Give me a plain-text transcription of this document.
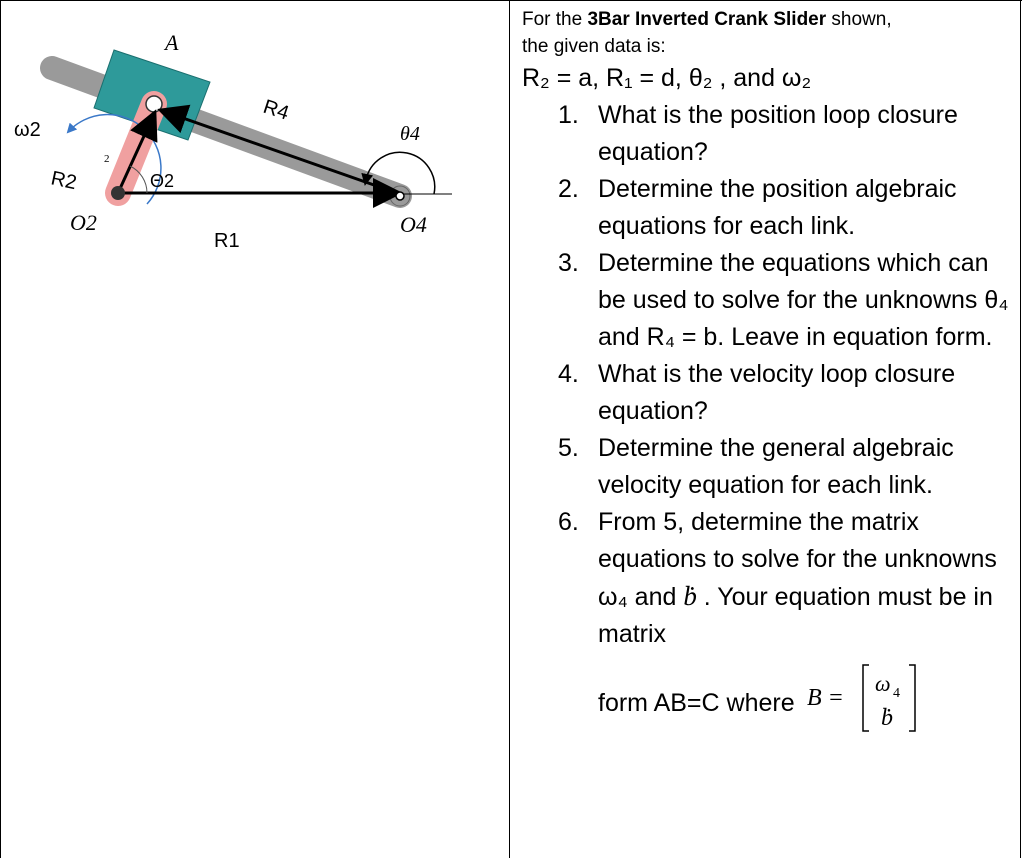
A
R4
θ4
ω2
R2	Θ2
2
O2
R1
O4

For the 3Bar Inverted Crank Slider shown,

the given data is:

R₂ = a, R₁ = d, θ₂ , and ω₂

1. What is the position loop closure equation?
2. Determine the position algebraic equations for each link.
3. Determine the equations which can be used to solve for the unknowns θ₄ and R₄ = b. Leave in equation form.
4. What is the velocity loop closure equation?
5. Determine the general algebraic velocity equation for each link.
6. From 5, determine the matrix equations to solve for the unknowns ω₄ and ḃ . Your equation must be in matrix
form AB=C where B =
ω 4
ḃ
